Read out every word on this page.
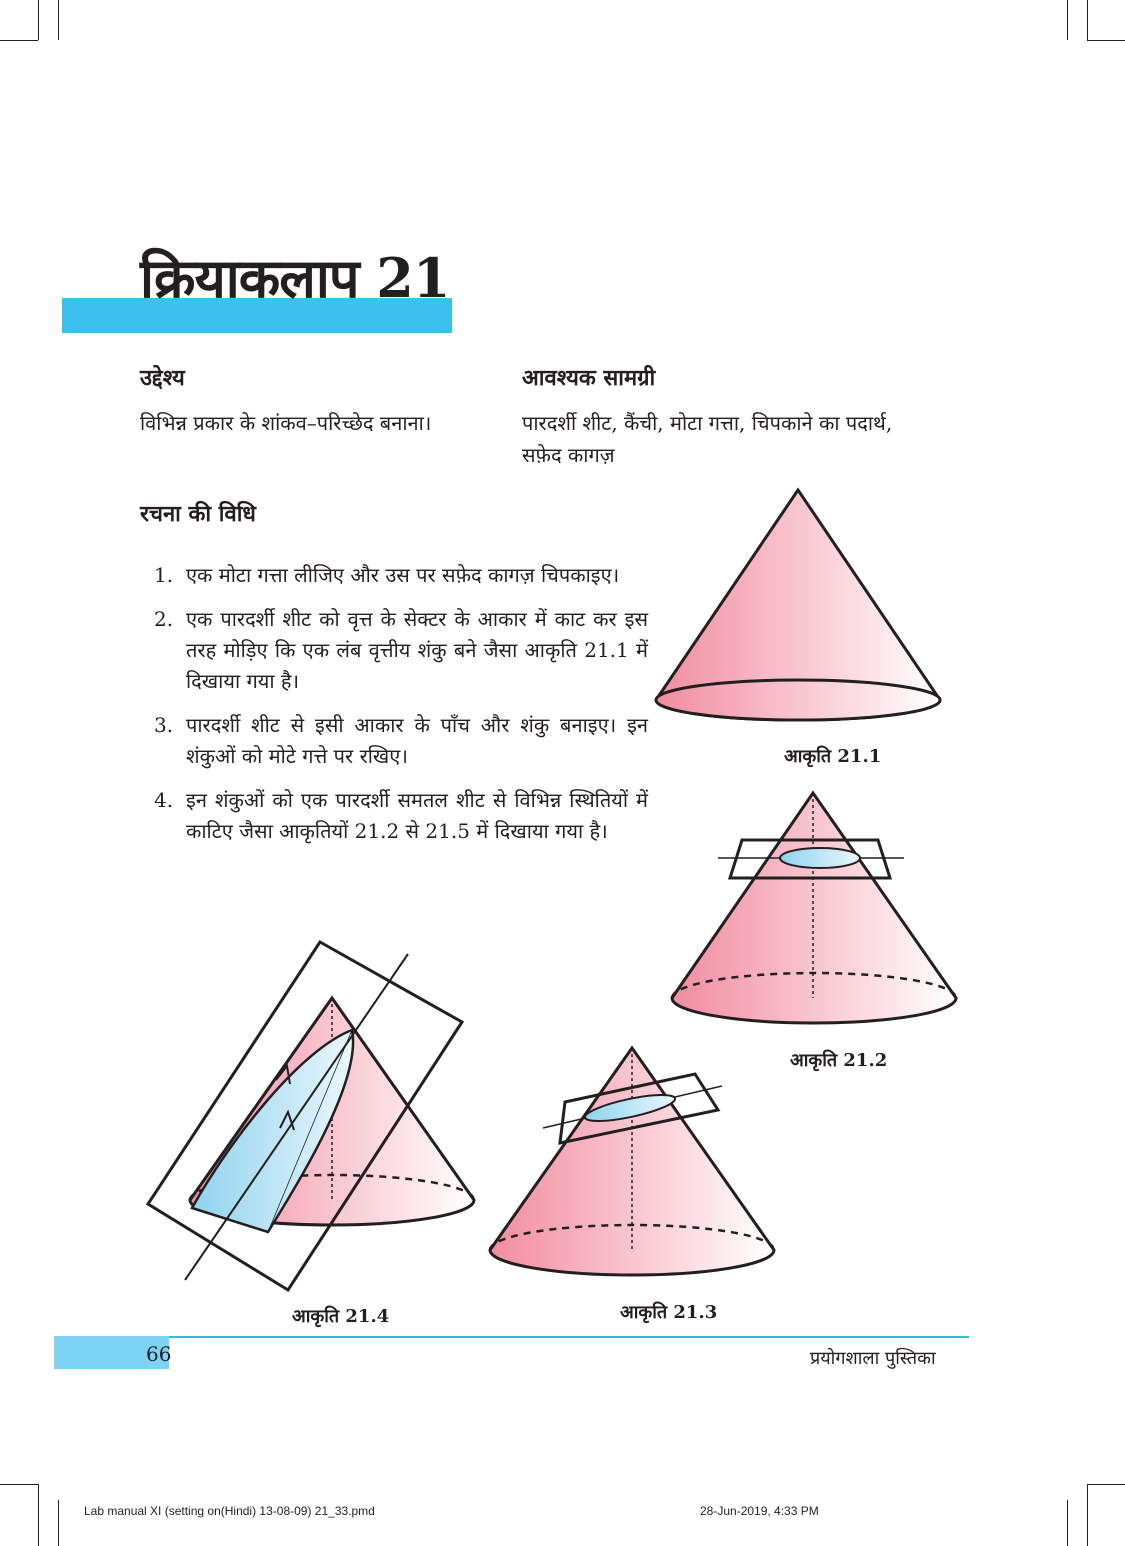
क्रियाकलाप 21
उद्देश्य
विभिन्न प्रकार के शांकव–परिच्छेद बनाना।
आवश्यक सामग्री
पारदर्शी शीट, कैंची, मोटा गत्ता, चिपकाने का पदार्थ,
सफ़ेद कागज़
रचना की विधि
1. एक मोटा गत्ता लीजिए और उस पर सफ़ेद कागज़ चिपकाइए।
2. एक पारदर्शी शीट को वृत्त के सेक्टर के आकार में काट कर इस तरह मोड़िए कि एक लंब वृत्तीय शंकु बने जैसा आकृति 21.1 में दिखाया गया है।
3. पारदर्शी शीट से इसी आकार के पाँच और शंकु बनाइए। इन शंकुओं को मोटे गत्ते पर रखिए।
4. इन शंकुओं को एक पारदर्शी समतल शीट से विभिन्न स्थितियों में काटिए जैसा आकृतियों 21.2 से 21.5 में दिखाया गया है।
आकृति 21.1
आकृति 21.2
आकृति 21.3
आकृति 21.4
66	प्रयोगशाला पुस्तिका
Lab manual XI (setting on(Hindi) 13-08-09) 21_33.pmd	28-Jun-2019, 4:33 PM
